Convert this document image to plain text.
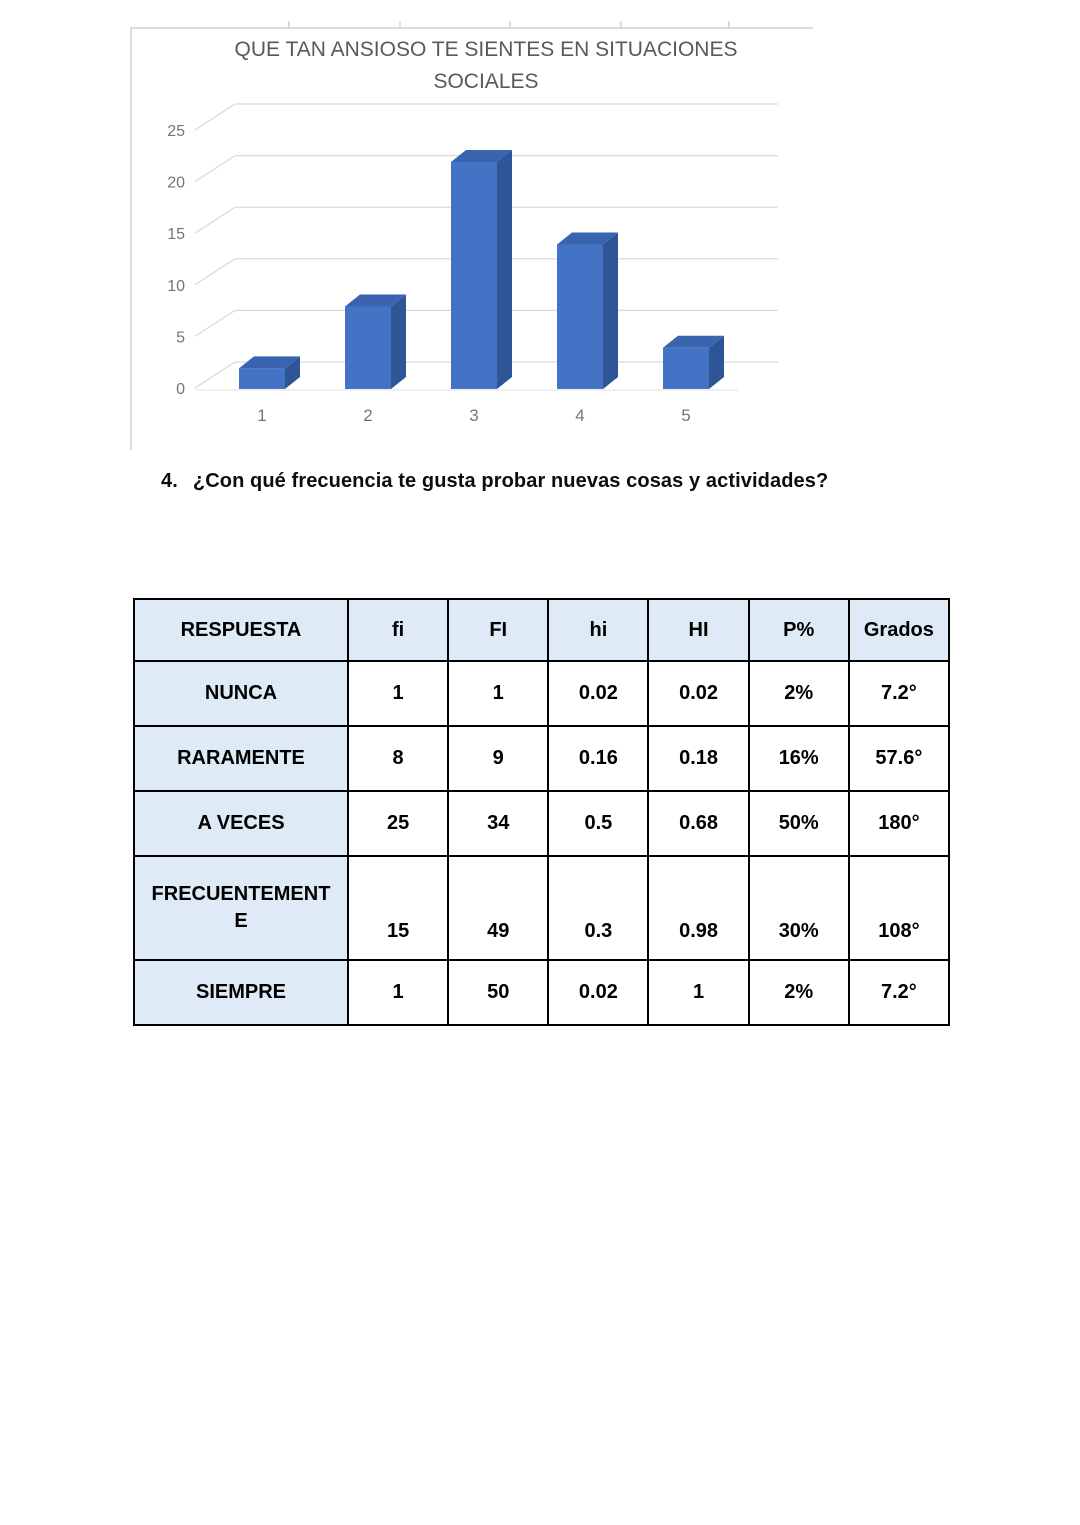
QUE TAN ANSIOSO TE SIENTES EN SITUACIONES
SOCIALES
0
5
10
15
20
25
1	2	3	4	5
4. ¿Con qué frecuencia te gusta probar nuevas cosas y actividades?
RESPUESTA	fi	FI	hi	HI	P%	Grados
NUNCA	1	1	0.02	0.02	2%	7.2°
RARAMENTE	8	9	0.16	0.18	16%	57.6°
A VECES	25	34	0.5	0.68	50%	180°
FRECUENTEMENTE	15	49	0.3	0.98	30%	108°
SIEMPRE	1	50	0.02	1	2%	7.2°
